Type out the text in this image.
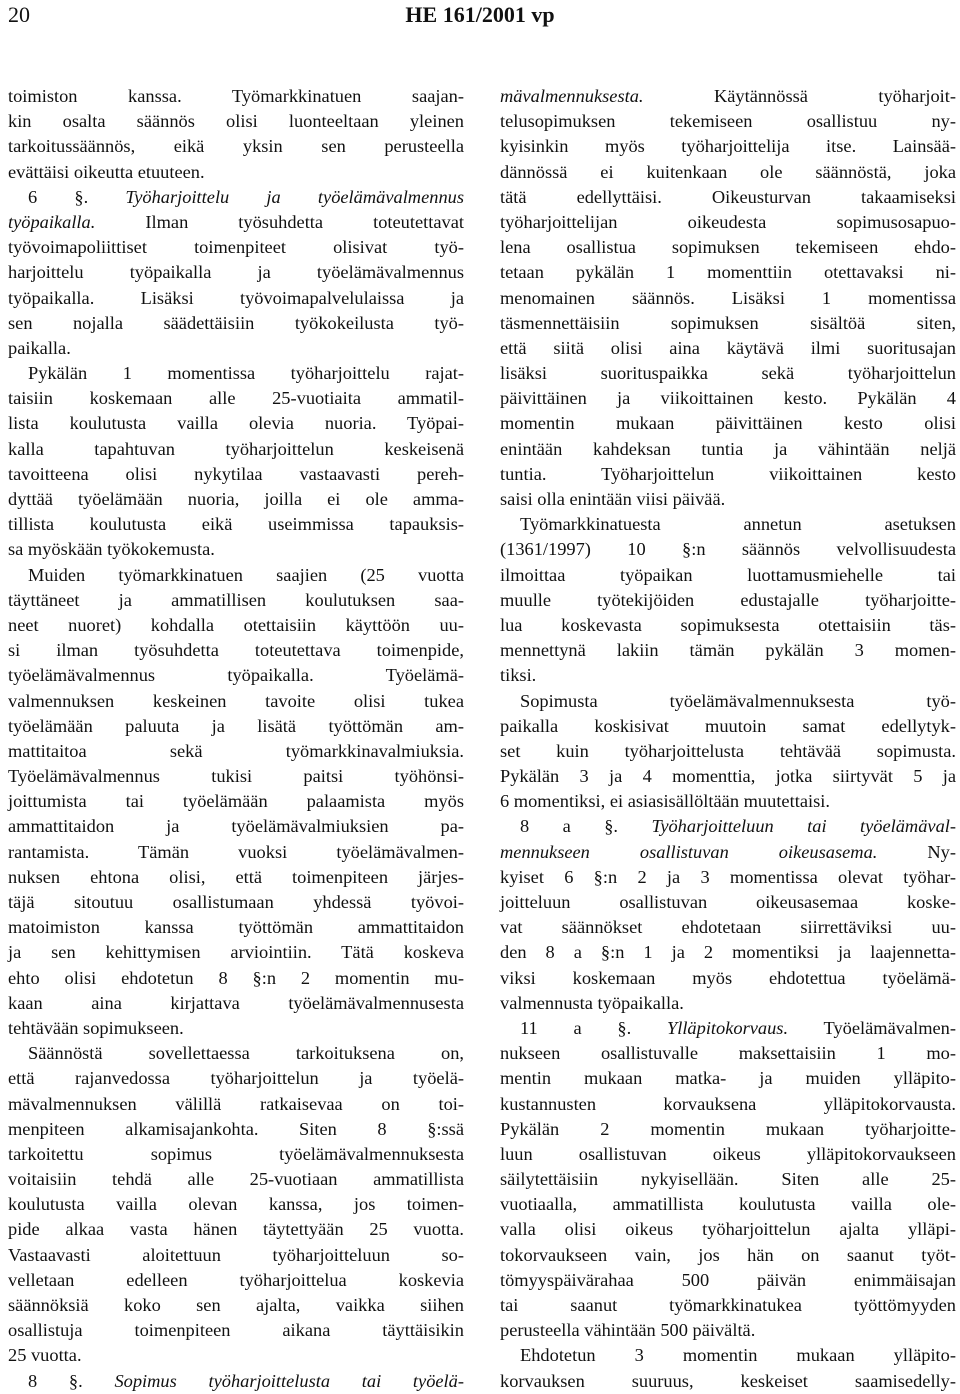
20	HE 161/2001 vp
toimiston kanssa. Työmarkkinatuen saajan-
kin osalta säännös olisi luonteeltaan yleinen
tarkoitussäännös, eikä yksin sen perusteella
evättäisi oikeutta etuuteen.
6 §. Työharjoittelu ja työelämävalmennus
työpaikalla. Ilman työsuhdetta toteutettavat
työvoimapoliittiset toimenpiteet olisivat työ-
harjoittelu työpaikalla ja työelämävalmennus
työpaikalla. Lisäksi työvoimapalvelulaissa ja
sen nojalla säädettäisiin työkokeilusta työ-
paikalla.
Pykälän 1 momentissa työharjoittelu rajat-
taisiin koskemaan alle 25-vuotiaita ammatil-
lista koulutusta vailla olevia nuoria. Työpai-
kalla tapahtuvan työharjoittelun keskeisenä
tavoitteena olisi nykytilaa vastaavasti pereh-
dyttää työelämään nuoria, joilla ei ole amma-
tillista koulutusta eikä useimmissa tapauksis-
sa myöskään työkokemusta.
Muiden työmarkkinatuen saajien (25 vuotta
täyttäneet ja ammatillisen koulutuksen saa-
neet nuoret) kohdalla otettaisiin käyttöön uu-
si ilman työsuhdetta toteutettava toimenpide,
työelämävalmennus työpaikalla. Työelämä-
valmennuksen keskeinen tavoite olisi tukea
työelämään paluuta ja lisätä työttömän am-
mattitaitoa sekä työmarkkinavalmiuksia.
Työelämävalmennus tukisi paitsi työhönsi-
joittumista tai työelämään palaamista myös
ammattitaidon ja työelämävalmiuksien pa-
rantamista. Tämän vuoksi työelämävalmen-
nuksen ehtona olisi, että toimenpiteen järjes-
täjä sitoutuu osallistumaan yhdessä työvoi-
matoimiston kanssa työttömän ammattitaidon
ja sen kehittymisen arviointiin. Tätä koskeva
ehto olisi ehdotetun 8 §:n 2 momentin mu-
kaan aina kirjattava työelämävalmennusesta
tehtävään sopimukseen.
Säännöstä sovellettaessa tarkoituksena on,
että rajanvedossa työharjoittelun ja työelä-
mävalmennuksen välillä ratkaisevaa on toi-
menpiteen alkamisajankohta. Siten 8 §:ssä
tarkoitettu sopimus työelämävalmennuksesta
voitaisiin tehdä alle 25-vuotiaan ammatillista
koulutusta vailla olevan kanssa, jos toimen-
pide alkaa vasta hänen täytettyään 25 vuotta.
Vastaavasti aloitettuun työharjoitteluun so-
velletaan edelleen työharjoittelua koskevia
säännöksiä koko sen ajalta, vaikka siihen
osallistuja toimenpiteen aikana täyttäisikin
25 vuotta.
8 §. Sopimus työharjoittelusta tai työelä-
mävalmennuksesta. Käytännössä työharjoit-
telusopimuksen tekemiseen osallistuu ny-
kyisinkin myös työharjoittelija itse. Lainsää-
dännössä ei kuitenkaan ole säännöstä, joka
tätä edellyttäisi. Oikeusturvan takaamiseksi
työharjoittelijan oikeudesta sopimusosapuo-
lena osallistua sopimuksen tekemiseen ehdo-
tetaan pykälän 1 momenttiin otettavaksi ni-
menomainen säännös. Lisäksi 1 momentissa
täsmennettäisiin sopimuksen sisältöä siten,
että siitä olisi aina käytävä ilmi suoritusajan
lisäksi suorituspaikka sekä työharjoittelun
päivittäinen ja viikoittainen kesto. Pykälän 4
momentin mukaan päivittäinen kesto olisi
enintään kahdeksan tuntia ja vähintään neljä
tuntia. Työharjoittelun viikoittainen kesto
saisi olla enintään viisi päivää.
Työmarkkinatuesta annetun asetuksen
(1361/1997) 10 §:n säännös velvollisuudesta
ilmoittaa työpaikan luottamusmiehelle tai
muulle työtekijöiden edustajalle työharjoitte-
lua koskevasta sopimuksesta otettaisiin täs-
mennettynä lakiin tämän pykälän 3 momen-
tiksi.
Sopimusta työelämävalmennuksesta työ-
paikalla koskisivat muutoin samat edellytyk-
set kuin työharjoittelusta tehtävää sopimusta.
Pykälän 3 ja 4 momenttia, jotka siirtyvät 5 ja
6 momentiksi, ei asiasisällöltään muutettaisi.
8 a §. Työharjoitteluun tai työelämäval-
mennukseen osallistuvan oikeusasema. Ny-
kyiset 6 §:n 2 ja 3 momentissa olevat työhar-
joitteluun osallistuvan oikeusasemaa koske-
vat säännökset ehdotetaan siirrettäviksi uu-
den 8 a §:n 1 ja 2 momentiksi ja laajennetta-
viksi koskemaan myös ehdotettua työelämä-
valmennusta työpaikalla.
11 a §. Ylläpitokorvaus. Työelämävalmen-
nukseen osallistuvalle maksettaisiin 1 mo-
mentin mukaan matka- ja muiden ylläpito-
kustannusten korvauksena ylläpitokorvausta.
Pykälän 2 momentin mukaan työharjoitte-
luun osallistuvan oikeus ylläpitokorvaukseen
säilytettäisiin nykyisellään. Siten alle 25-
vuotiaalla, ammatillista koulutusta vailla ole-
valla olisi oikeus työharjoittelun ajalta ylläpi-
tokorvaukseen vain, jos hän on saanut työt-
tömyyspäivärahaa 500 päivän enimmäisajan
tai saanut työmarkkinatukea työttömyyden
perusteella vähintään 500 päivältä.
Ehdotetun 3 momentin mukaan ylläpito-
korvauksen suuruus, keskeiset saamisedelly-
